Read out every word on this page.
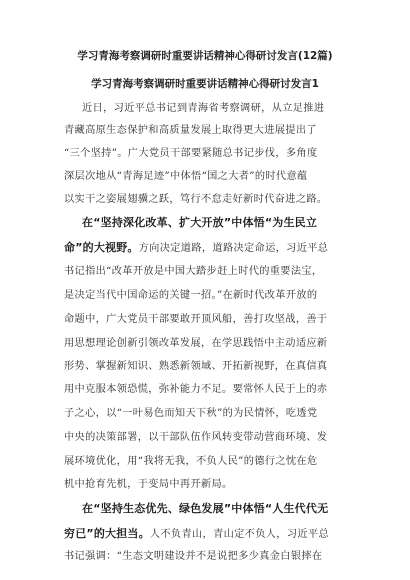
学习青海考察调研时重要讲话精神心得研讨发言(12篇)
学习青海考察调研时重要讲话精神心得研讨发言1
近日，习近平总书记到青海省考察调研，从立足推进
青藏高原生态保护和高质量发展上取得更大进展提出了
“三个坚持”。广大党员干部要紧随总书记步伐，多角度
深层次地从“青海足迹”中体悟“国之大者”的时代意蕴
以实干之姿展翅骥之跃，笃行不怠走好新时代奋进之路。
在“坚持深化改革、扩大开放”中体悟“为生民立
命”的大视野。方向决定道路，道路决定命运，习近平总
书记指出“改革开放是中国大踏步赶上时代的重要法宝，
是决定当代中国命运的关键一招。”在新时代改革开放的
命题中，广大党员干部要敢开顶风船，善打攻坚战，善于
用思想理论创新引领改革发展，在学思践悟中主动适应新
形势、掌握新知识、熟悉新领域、开拓新视野，在真信真
用中克服本领恐慌，弥补能力不足。要常怀人民于上的赤
子之心，以“一叶易色而知天下秋”的为民情怀，吃透党
中央的决策部署，以干部队伍作风转变带动营商环境、发
展环境优化，用“我将无我，不负人民”的德行之忱在危
机中抢育先机，于变局中再开新局。
在“坚持生态优先、绿色发展”中体悟“人生代代无
穷已”的大担当。人不负青山，青山定不负人，习近平总
书记强调：“生态文明建设并不是说把多少真金白银摔在
